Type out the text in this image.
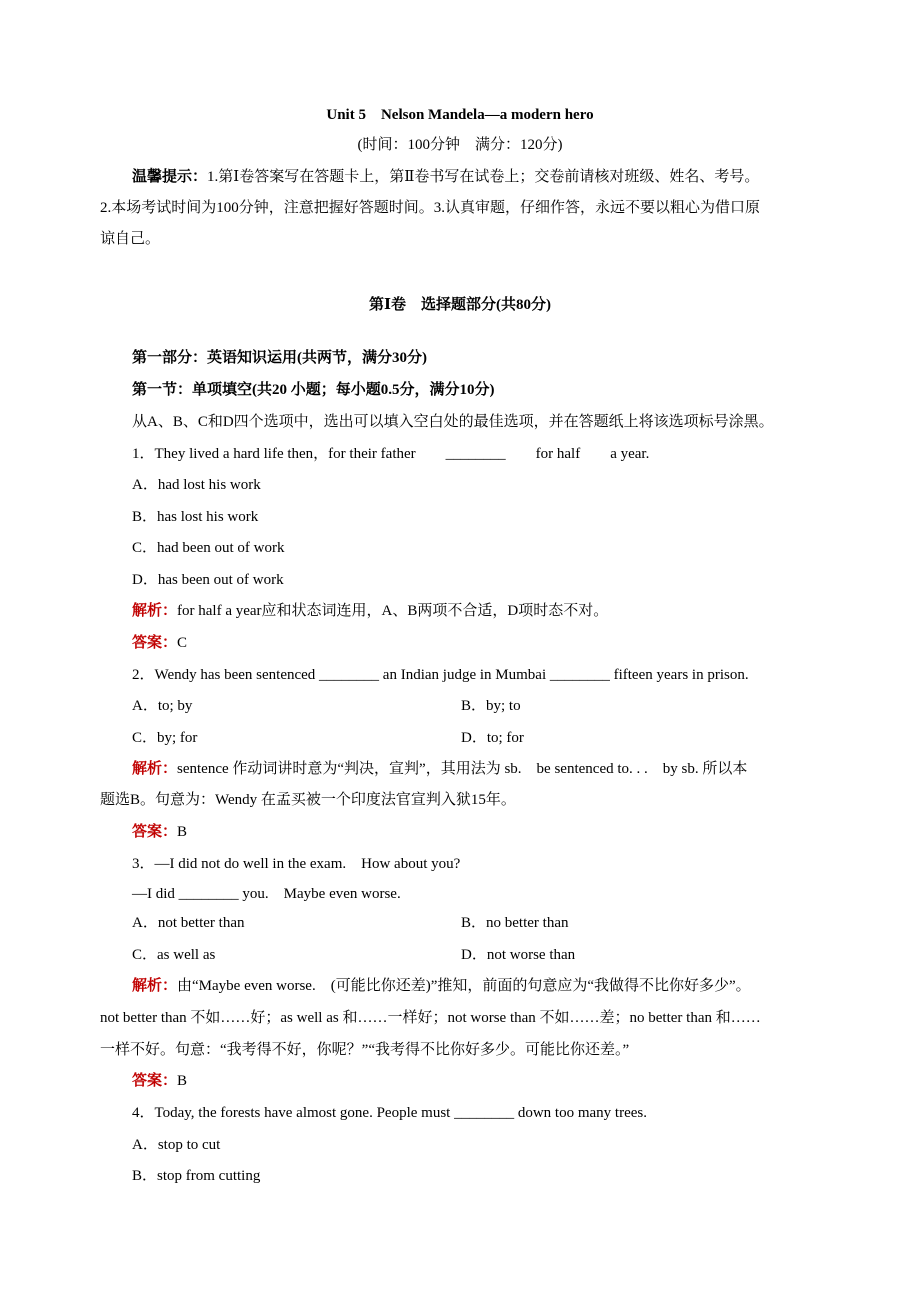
Unit 5　Nelson Mandela—a modern hero
(时间：100分钟　满分：120分)
温馨提示：1.第Ⅰ卷答案写在答题卡上，第Ⅱ卷书写在试卷上；交卷前请核对班级、姓名、考号。
2.本场考试时间为100分钟，注意把握好答题时间。3.认真审题，仔细作答，永远不要以粗心为借口原
谅自己。
第Ⅰ卷　选择题部分(共80分)
第一部分：英语知识运用(共两节，满分30分)
第一节：单项填空(共20 小题；每小题0.5分，满分10分)
从A、B、C和D四个选项中，选出可以填入空白处的最佳选项，并在答题纸上将该选项标号涂黑。
1．They lived a hard life then，for their father　　________　　for half　　a year.
A．had lost his work
B．has lost his work
C．had been out of work
D．has been out of work
解析：for half a year应和状态词连用，A、B两项不合适，D项时态不对。
答案：C
2．Wendy has been sentenced ________ an Indian judge in Mumbai ________ fifteen years in prison.
A．to; by	B．by; to
C．by; for	D．to; for
解析：sentence 作动词讲时意为“判决，宣判”，其用法为 sb.　be sentenced to. . .　by sb. 所以本
题选B。句意为：Wendy 在孟买被一个印度法官宣判入狱15年。
答案：B
3．—I did not do well in the exam.　How about you?
—I did ________ you.　Maybe even worse.
A．not better than	B．no better than
C．as well as	D．not worse than
解析：由“Maybe even worse.　(可能比你还差)”推知，前面的句意应为“我做得不比你好多少”。
not better than 不如……好；as well as 和……一样好；not worse than 不如……差；no better than 和……
一样不好。句意：“我考得不好，你呢？”“我考得不比你好多少。可能比你还差。”
答案：B
4．Today, the forests have almost gone. People must ________ down too many trees.
A．stop to cut
B．stop from cutting
